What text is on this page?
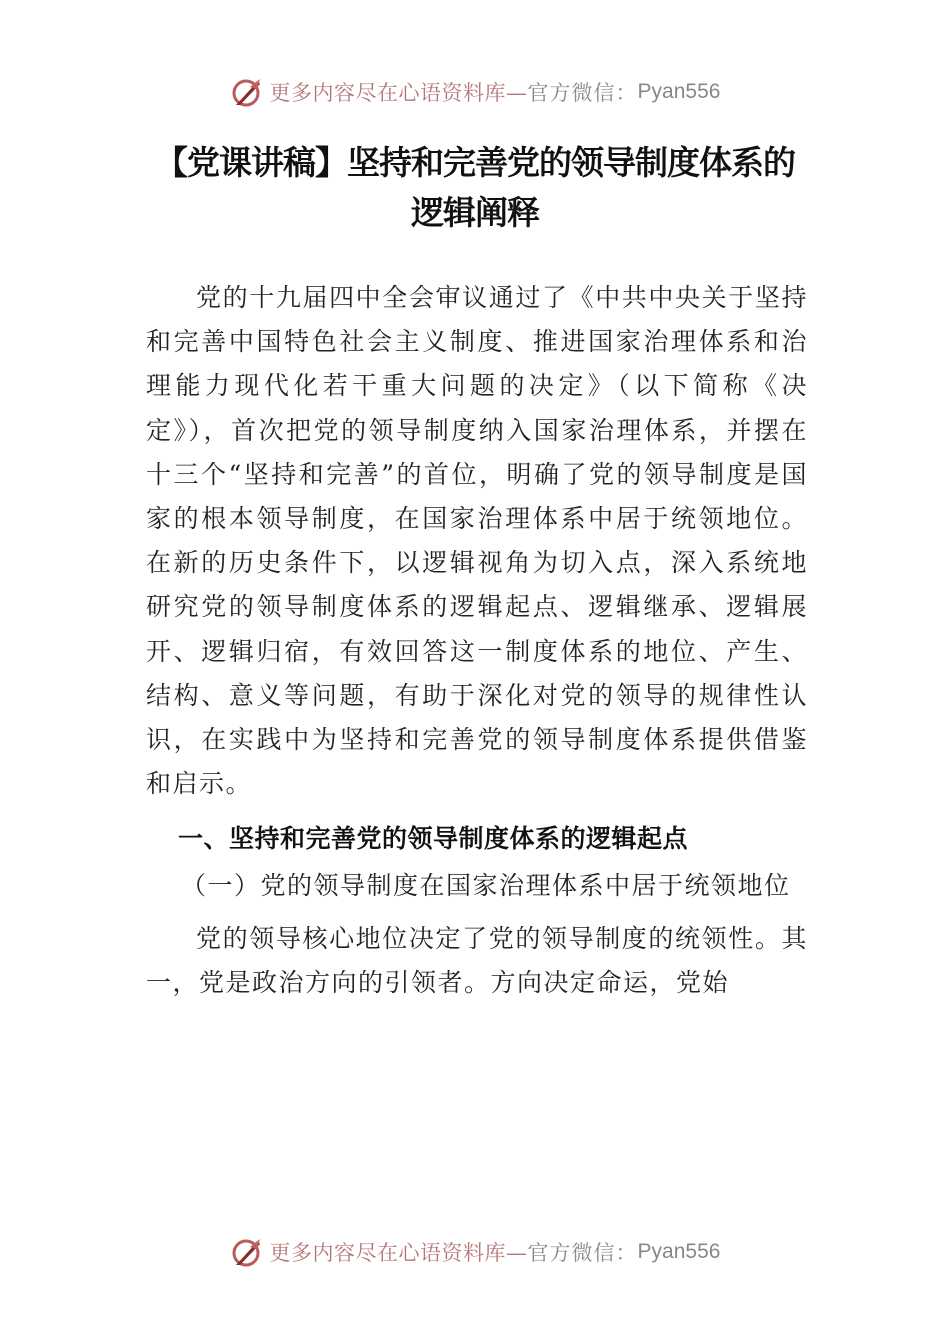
更多内容尽在心语资料库— 官方微信： Pyan556
【党课讲稿】坚持和完善党的领导制度体系的
逻辑阐释

党的十九届四中全会审议通过了《中共中央关于坚持和完善中国特色社会主义制度、推进国家治理体系和治理能力现代化若干重大问题的决定》（以下简称《决定》），首次把党的领导制度纳入国家治理体系，并摆在十三个“坚持和完善”的首位，明确了党的领导制度是国家的根本领导制度，在国家治理体系中居于统领地位。在新的历史条件下，以逻辑视角为切入点，深入系统地研究党的领导制度体系的逻辑起点、逻辑继承、逻辑展开、逻辑归宿，有效回答这一制度体系的地位、产生、结构、意义等问题，有助于深化对党的领导的规律性认识，在实践中为坚持和完善党的领导制度体系提供借鉴和启示。

一、坚持和完善党的领导制度体系的逻辑起点
（一）党的领导制度在国家治理体系中居于统领地位

党的领导核心地位决定了党的领导制度的统领性。其一，党是政治方向的引领者。方向决定命运，党始

更多内容尽在心语资料库— 官方微信： Pyan556
